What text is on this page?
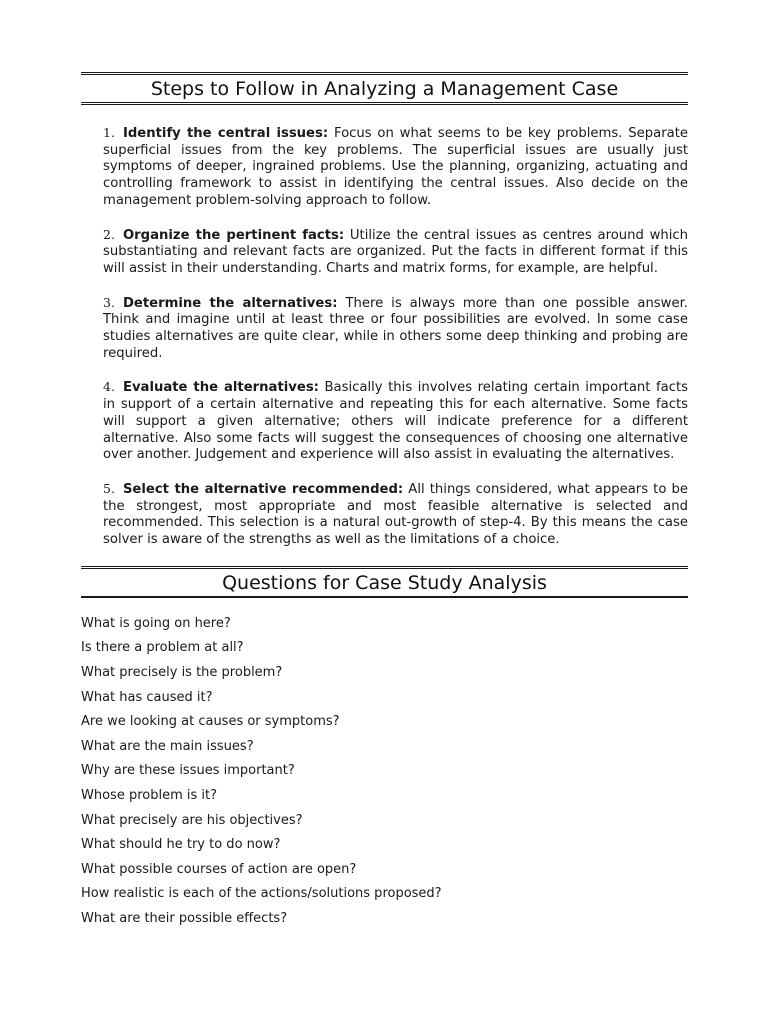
Steps to Follow in Analyzing a Management Case
1. Identify the central issues: Focus on what seems to be key problems. Separate superficial issues from the key problems. The superficial issues are usually just symptoms of deeper, ingrained problems. Use the planning, organizing, actuating and controlling framework to assist in identifying the central issues. Also decide on the management problem-solving approach to follow.
2. Organize the pertinent facts: Utilize the central issues as centres around which substantiating and relevant facts are organized. Put the facts in different format if this will assist in their understanding. Charts and matrix forms, for example, are helpful.
3. Determine the alternatives: There is always more than one possible answer. Think and imagine until at least three or four possibilities are evolved. In some case studies alternatives are quite clear, while in others some deep thinking and probing are required.
4. Evaluate the alternatives: Basically this involves relating certain important facts in support of a certain alternative and repeating this for each alternative. Some facts will support a given alternative; others will indicate preference for a different alternative. Also some facts will suggest the consequences of choosing one alternative over another. Judgement and experience will also assist in evaluating the alternatives.
5. Select the alternative recommended: All things considered, what appears to be the strongest, most appropriate and most feasible alternative is selected and recommended. This selection is a natural out-growth of step-4. By this means the case solver is aware of the strengths as well as the limitations of a choice.
Questions for Case Study Analysis
What is going on here?
Is there a problem at all?
What precisely is the problem?
What has caused it?
Are we looking at causes or symptoms?
What are the main issues?
Why are these issues important?
Whose problem is it?
What precisely are his objectives?
What should he try to do now?
What possible courses of action are open?
How realistic is each of the actions/solutions proposed?
What are their possible effects?
